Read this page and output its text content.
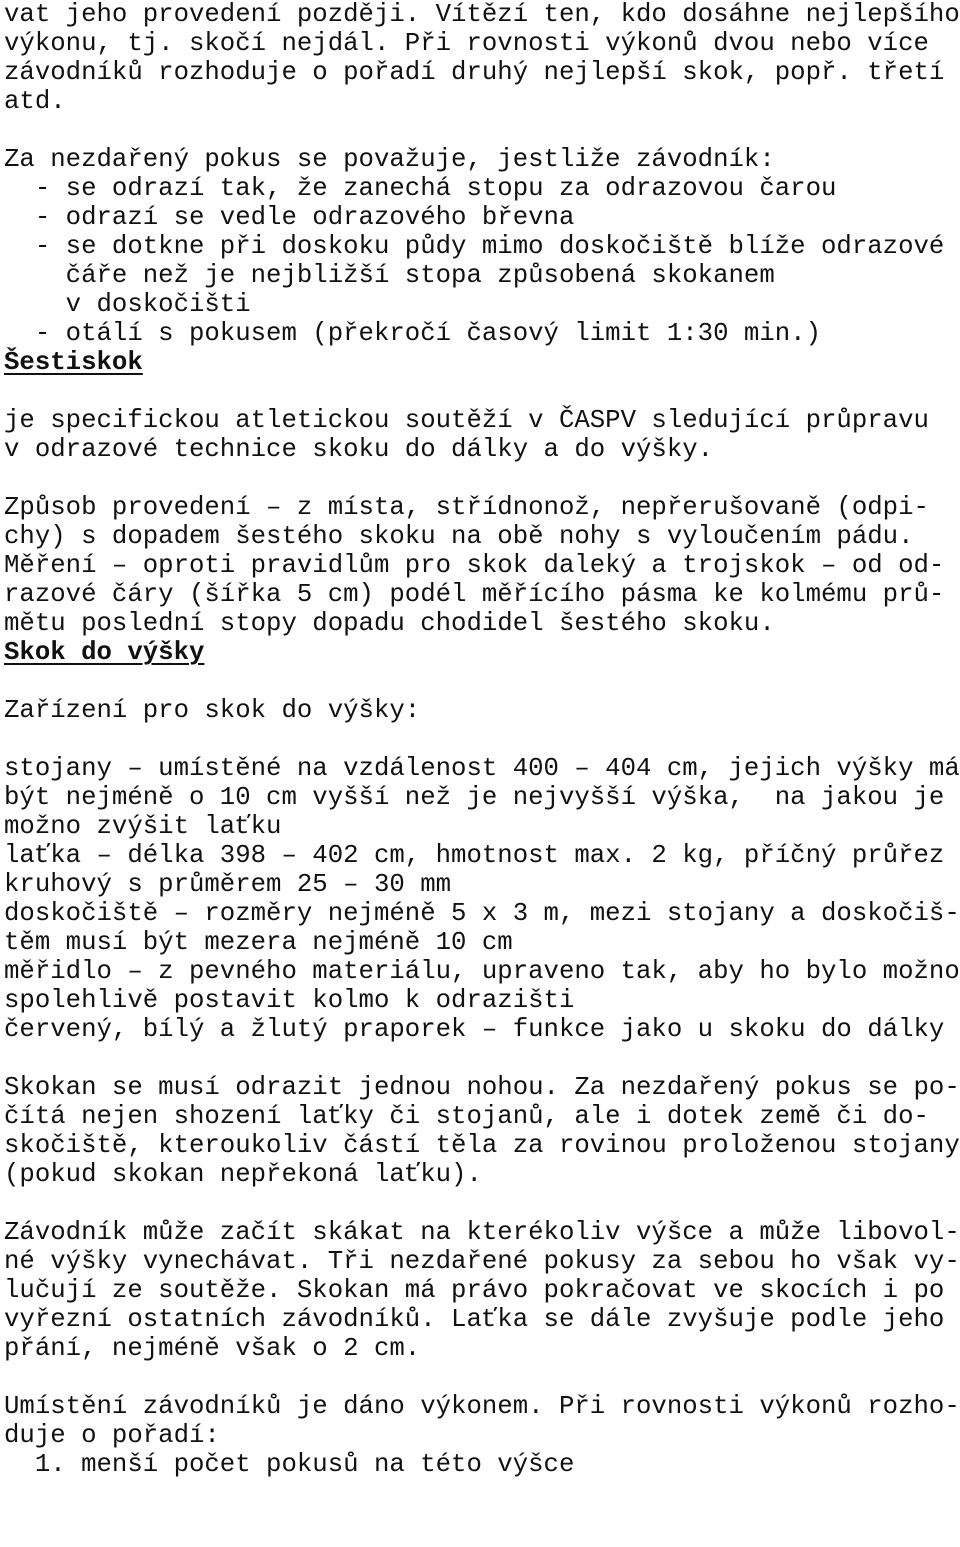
vat jeho provedení později. Vítězí ten, kdo dosáhne nejlepšího
výkonu, tj. skočí nejdál. Při rovnosti výkonů dvou nebo více
závodníků rozhoduje o pořadí druhý nejlepší skok, popř. třetí
atd.
Za nezdařený pokus se považuje, jestliže závodník:
- se odrazí tak, že zanechá stopu za odrazovou čarou
- odrazí se vedle odrazového břevna
- se dotkne při doskoku půdy mimo doskočiště blíže odrazové
čáře než je nejbližší stopa způsobená skokanem
v doskočišti
- otálí s pokusem (překročí časový limit 1:30 min.)
Šestiskok
je specifickou atletickou soutěží v ČASPV sledující průpravu
v odrazové technice skoku do dálky a do výšky.
Způsob provedení – z místa, střídnonož, nepřerušovaně (odpi-
chy) s dopadem šestého skoku na obě nohy s vyloučením pádu.
Měření – oproti pravidlům pro skok daleký a trojskok – od od-
razové čáry (šířka 5 cm) podél měřícího pásma ke kolmému prů-
mětu poslední stopy dopadu chodidel šestého skoku.
Skok do výšky
Zařízení pro skok do výšky:
stojany – umístěné na vzdálenost 400 – 404 cm, jejich výšky má
být nejméně o 10 cm vyšší než je nejvyšší výška,  na jakou je
možno zvýšit laťku
laťka – délka 398 – 402 cm, hmotnost max. 2 kg, příčný průřez
kruhový s průměrem 25 – 30 mm
doskočiště – rozměry nejméně 5 x 3 m, mezi stojany a doskočiš-
těm musí být mezera nejméně 10 cm
měřidlo – z pevného materiálu, upraveno tak, aby ho bylo možno
spolehlivě postavit kolmo k odrazišti
červený, bílý a žlutý praporek – funkce jako u skoku do dálky
Skokan se musí odrazit jednou nohou. Za nezdařený pokus se po-
čítá nejen shození laťky či stojanů, ale i dotek země či do-
skočiště, kteroukoliv částí těla za rovinou proloženou stojany
(pokud skokan nepřekoná laťku).
Závodník může začít skákat na kterékoliv výšce a může libovol-
né výšky vynechávat. Tři nezdařené pokusy za sebou ho však vy-
lučují ze soutěže. Skokan má právo pokračovat ve skocích i po
vyřezní ostatních závodníků. Laťka se dále zvyšuje podle jeho
přání, nejméně však o 2 cm.
Umístění závodníků je dáno výkonem. Při rovnosti výkonů rozho-
duje o pořadí:
1. menší počet pokusů na této výšce
